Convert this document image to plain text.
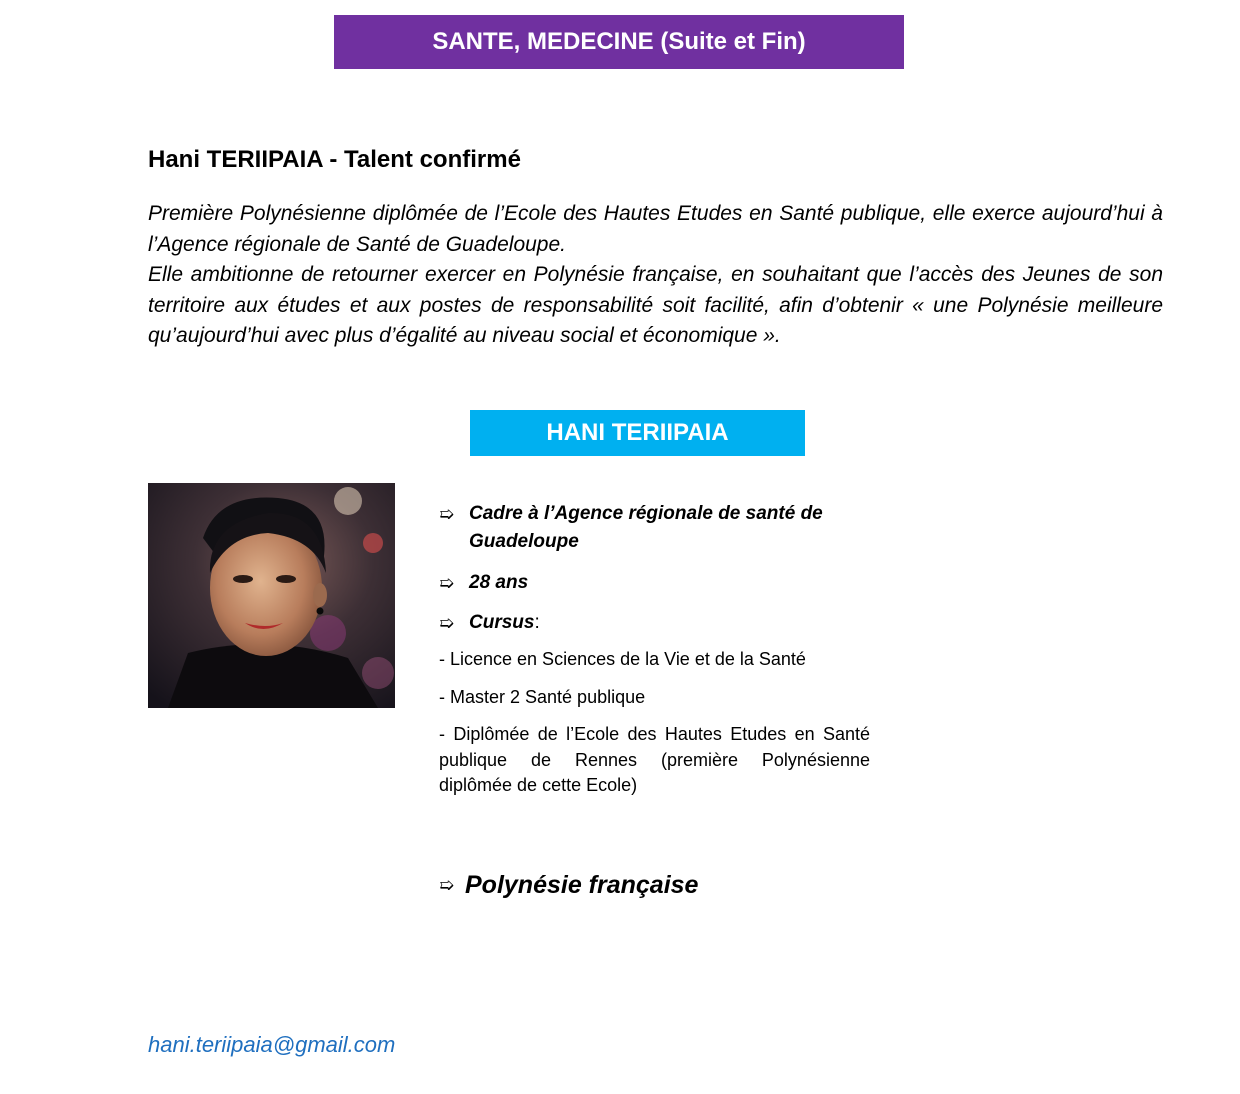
SANTE, MEDECINE (Suite et Fin)
Hani TERIIPAIA - Talent confirmé

Première Polynésienne diplômée de l’Ecole des Hautes Etudes en Santé publique, elle exerce aujourd’hui à l’Agence régionale de Santé de Guadeloupe.

Elle ambitionne de retourner exercer en Polynésie française, en souhaitant que l’accès des Jeunes de son territoire aux études et aux postes de responsabilité soit facilité, afin d’obtenir « une Polynésie meilleure qu’aujourd’hui avec plus d’égalité au niveau social et économique ».

HANI TERIIPAIA
➯ Cadre à l’Agence régionale de santé de Guadeloupe
➯ 28 ans
➯ Cursus :
- Licence en Sciences de la Vie et de la Santé
- Master 2 Santé publique
- Diplômée de l’Ecole des Hautes Etudes en Santé publique de Rennes (première Polynésienne diplômée de cette Ecole)
➯ Polynésie française
hani.teriipaia@gmail.com
